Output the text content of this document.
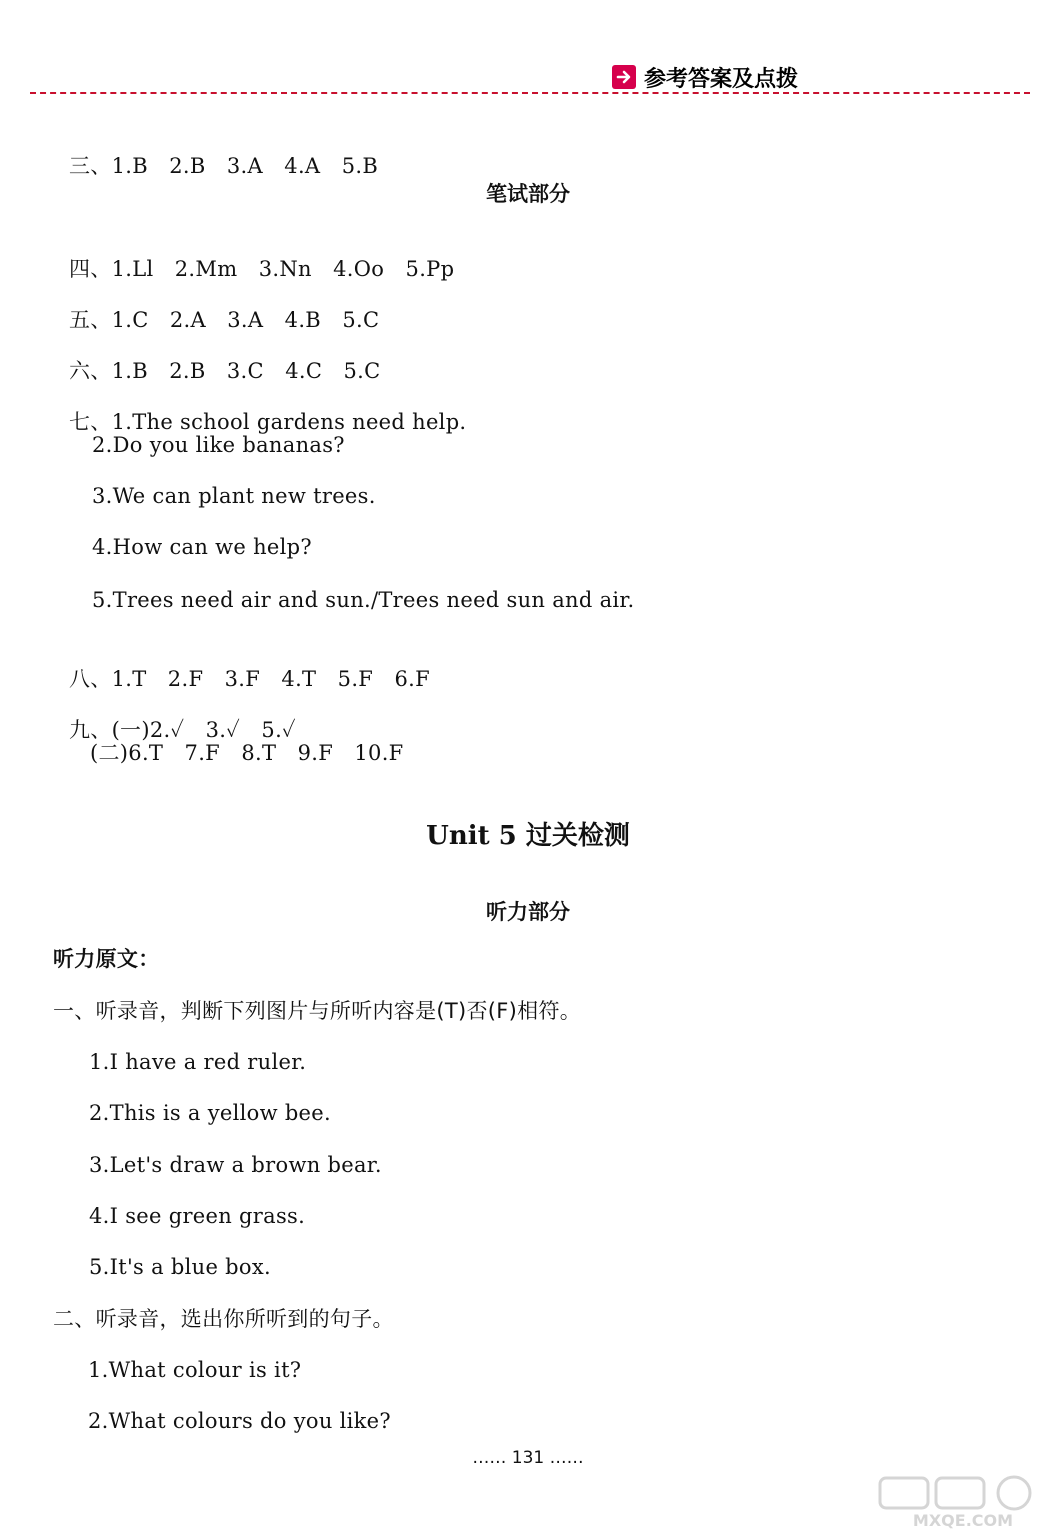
参考答案及点拨

三、1.B　2.B　3.A　4.A　5.B

笔试部分

四、1.Ll　2.Mm　3.Nn　4.Oo　5.Pp

五、1.C　2.A　3.A　4.B　5.C

六、1.B　2.B　3.C　4.C　5.C

七、1.The school gardens need help.

2.Do you like bananas?
3.We can plant new trees.
4.How can we help?
5.Trees need air and sun./Trees need sun and air.

八、1.T　2.F　3.F　4.T　5.F　6.F

九、(一)2.✓　3.✓　5.✓

(二)6.T　7.F　8.T　9.F　10.F
Unit 5 过关检测
听力部分
听力原文：
一、听录音，判断下列图片与所听内容是(T)否(F)相符。
1.I have a red ruler.
2.This is a yellow bee.
3.Let's draw a brown bear.
4.I see green grass.
5.It's a blue box.
二、听录音，选出你所听到的句子。
1.What colour is it?
2.What colours do you like?
…… 131 ……
MXQE.COM
